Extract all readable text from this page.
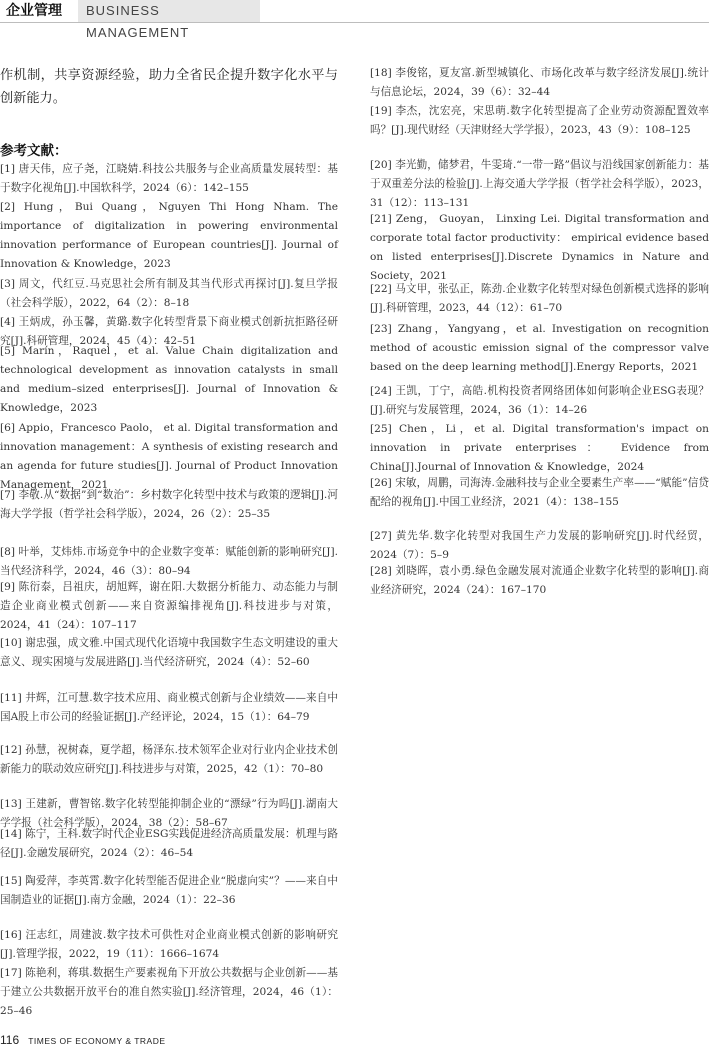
企业管理	BUSINESS MANAGEMENT
作机制，共享资源经验，助力全省民企提升数字化水平与创新能力。
参考文献：
[1] 唐天伟，应子尧，江晓婧.科技公共服务与企业高质量发展转型：基于数字化视角[J].中国软科学，2024（6）：142–155
[2] Hung，Bui Quang，Nguyen Thi Hong Nham. The importance of digitalization in powering environmental innovation performance of European countries[J]. Journal of Innovation & Knowledge，2023
[3] 周文，代红豆.马克思社会所有制及其当代形式再探讨[J].复旦学报（社会科学版），2022，64（2）：8–18
[4] 王炳成，孙玉馨，黄璐.数字化转型背景下商业模式创新抗拒路径研究[J].科研管理，2024，45（4）：42–51
[5] Marín，Raquel，et al. Value Chain digitalization and technological development as innovation catalysts in small and medium–sized enterprises[J]. Journal of Innovation & Knowledge，2023
[6] Appio，Francesco Paolo， et al. Digital transformation and innovation management：A synthesis of existing research and an agenda for future studies[J]. Journal of Product Innovation Management，2021
[7] 李敬.从“数据”到“数治”：乡村数字化转型中技术与政策的逻辑[J].河海大学学报（哲学社会科学版），2024，26（2）：25–35
[8] 叶举，艾炜炜.市场竞争中的企业数字变革：赋能创新的影响研究[J].当代经济科学，2024，46（3）：80–94
[9] 陈衍泰，吕祖庆，胡旭辉，谢在阳.大数据分析能力、动态能力与制造企业商业模式创新——来自资源编排视角[J].科技进步与对策，2024，41（24）：107–117
[10] 谢忠强，成文雅.中国式现代化语境中我国数字生态文明建设的重大意义、现实困境与发展进路[J].当代经济研究，2024（4）：52–60
[11] 井辉，江可慧.数字技术应用、商业模式创新与企业绩效——来自中国A股上市公司的经验证据[J].产经评论，2024，15（1）：64–79
[12] 孙慧，祝树森，夏学超，杨泽东.技术领军企业对行业内企业技术创新能力的联动效应研究[J].科技进步与对策，2025，42（1）：70–80
[13] 王建新，曹智铭.数字化转型能抑制企业的“漂绿”行为吗[J].湖南大学学报（社会科学版），2024，38（2）：58–67
[14] 陈宁，王科.数字时代企业ESG实践促进经济高质量发展：机理与路径[J].金融发展研究，2024（2）：46–54
[15] 陶爱萍，李英霄.数字化转型能否促进企业“脱虚向实”？——来自中国制造业的证据[J].南方金融，2024（1）：22–36
[16] 汪志红，周建波.数字技术可供性对企业商业模式创新的影响研究[J].管理学报，2022，19（11）：1666–1674
[17] 陈艳利，蒋琪.数据生产要素视角下开放公共数据与企业创新——基于建立公共数据开放平台的准自然实验[J].经济管理，2024，46（1）：25–46
[18] 李俊铭，夏友富.新型城镇化、市场化改革与数字经济发展[J].统计与信息论坛，2024，39（6）：32–44
[19] 李杰，沈宏亮，宋思萌.数字化转型提高了企业劳动资源配置效率吗？[J].现代财经（天津财经大学学报），2023，43（9）：108–125
[20] 李光勤，储梦君，牛雯琦.“一带一路”倡议与沿线国家创新能力：基于双重差分法的检验[J].上海交通大学学报（哲学社会科学版），2023，31（12）：113–131
[21] Zeng， Guoyan， Linxing Lei. Digital transformation and corporate total factor productivity： empirical evidence based on listed enterprises[J].Discrete Dynamics in Nature and Society，2021
[22] 马文甲，张弘正，陈劲.企业数字化转型对绿色创新模式选择的影响[J].科研管理，2023，44（12）：61–70
[23] Zhang，Yangyang，et al. Investigation on recognition method of acoustic emission signal of the compressor valve based on the deep learning method[J].Energy Reports，2021
[24] 王凯，丁宁，高皓.机构投资者网络团体如何影响企业ESG表现？[J].研究与发展管理，2024，36（1）：14–26
[25] Chen，Li，et al. Digital transformation's impact on innovation in private enterprises： Evidence from China[J].Journal of Innovation & Knowledge，2024
[26] 宋敏，周鹏，司海涛.金融科技与企业全要素生产率——“赋能”信贷配给的视角[J].中国工业经济，2021（4）：138–155
[27] 黄先华.数字化转型对我国生产力发展的影响研究[J].时代经贸，2024（7）：5–9
[28] 刘晓晖，袁小勇.绿色金融发展对流通企业数字化转型的影响[J].商业经济研究，2024（24）：167–170
116 TIMES OF ECONOMY & TRADE
